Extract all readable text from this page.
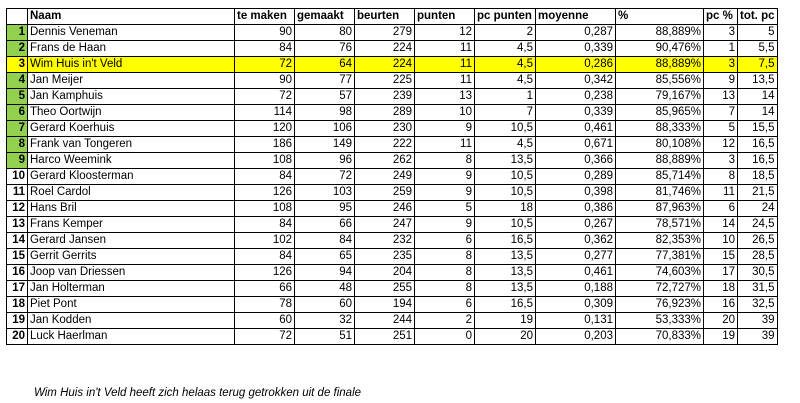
	Naam	te maken	gemaakt	beurten	punten	pc punten	moyenne	%	pc %	tot. pc
1	Dennis Veneman	90	80	279	12	2	0,287	88,889%	3	5
2	Frans de Haan	84	76	224	11	4,5	0,339	90,476%	1	5,5
3	Wim Huis in't Veld	72	64	224	11	4,5	0,286	88,889%	3	7,5
4	Jan Meijer	90	77	225	11	4,5	0,342	85,556%	9	13,5
5	Jan Kamphuis	72	57	239	13	1	0,238	79,167%	13	14
6	Theo Oortwijn	114	98	289	10	7	0,339	85,965%	7	14
7	Gerard Koerhuis	120	106	230	9	10,5	0,461	88,333%	5	15,5
8	Frank van Tongeren	186	149	222	11	4,5	0,671	80,108%	12	16,5
9	Harco Weemink	108	96	262	8	13,5	0,366	88,889%	3	16,5
10	Gerard Kloosterman	84	72	249	9	10,5	0,289	85,714%	8	18,5
11	Roel Cardol	126	103	259	9	10,5	0,398	81,746%	11	21,5
12	Hans Bril	108	95	246	5	18	0,386	87,963%	6	24
13	Frans Kemper	84	66	247	9	10,5	0,267	78,571%	14	24,5
14	Gerard Jansen	102	84	232	6	16,5	0,362	82,353%	10	26,5
15	Gerrit Gerrits	84	65	235	8	13,5	0,277	77,381%	15	28,5
16	Joop van Driessen	126	94	204	8	13,5	0,461	74,603%	17	30,5
17	Jan Holterman	66	48	255	8	13,5	0,188	72,727%	18	31,5
18	Piet Pont	78	60	194	6	16,5	0,309	76,923%	16	32,5
19	Jan Kodden	60	32	244	2	19	0,131	53,333%	20	39
20	Luck Haerlman	72	51	251	0	20	0,203	70,833%	19	39
Wim Huis in't Veld heeft zich helaas terug getrokken uit de finale
